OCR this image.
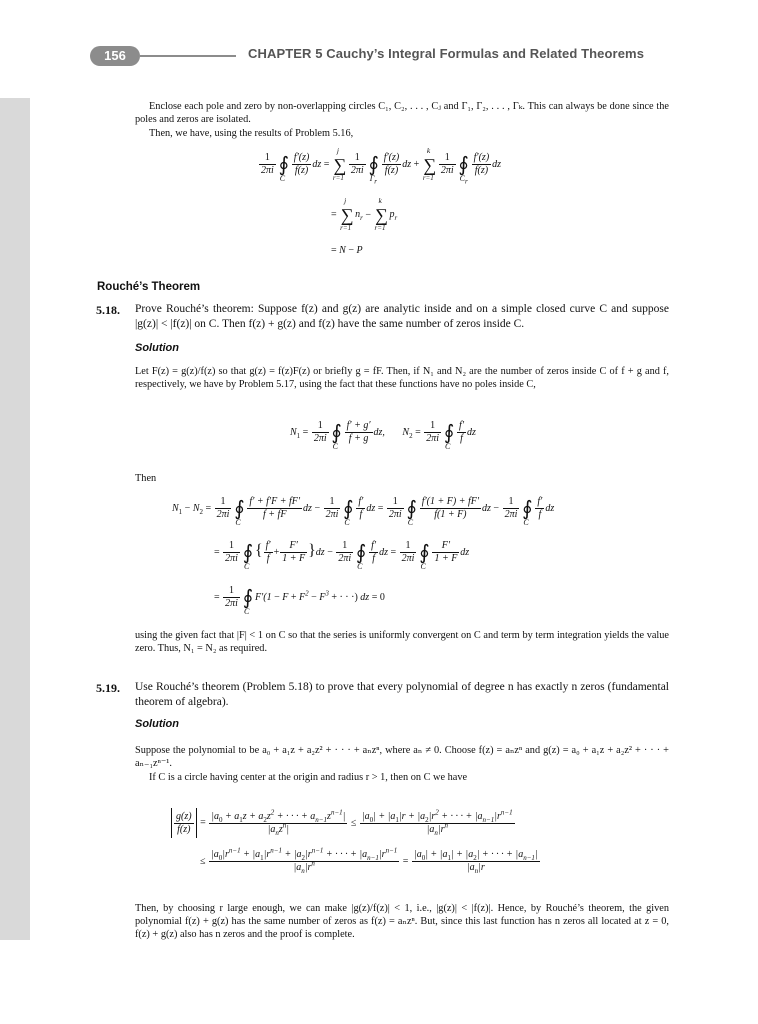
156	CHAPTER 5 Cauchy’s Integral Formulas and Related Theorems
Enclose each pole and zero by non-overlapping circles C₁, C₂, . . . , Cⱼ and Γ₁, Γ₂, . . . , Γₖ. This can always be done since the poles and zeros are isolated.
Then, we have, using the results of Problem 5.16,
$\frac{1}{2\pi i}$ ∮
C
$\frac{f'(z)}{f(z)}$ dz = ∑
j
r=1
$\frac{1}{2\pi i}$ ∮
$\Gamma_r$
$\frac{f'(z)}{f(z)}$ dz + ∑
k
r=1
$\frac{1}{2\pi i}$ ∮
$C_r$
$\frac{f'(z)}{f(z)}$ dz
= ∑
j
r=1
$n_r$ − ∑
k
r=1
$p_r$
= N − P
Rouché’s Theorem
5.18. Prove Rouché’s theorem: Suppose f(z) and g(z) are analytic inside and on a simple closed curve C and suppose |g(z)| < |f(z)| on C. Then f(z) + g(z) and f(z) have the same number of zeros inside C.
Solution
Let F(z) = g(z)/f(z) so that g(z) = f(z)F(z) or briefly g = fF. Then, if N₁ and N₂ are the number of zeros inside C of f + g and f, respectively, we have by Problem 5.17, using the fact that these functions have no poles inside C,
$N_1 = \frac{1}{2\pi i}$ ∮
C
$\frac{f' + g'}{f + g}$ dz,       $N_2 = \frac{1}{2\pi i}$ ∮
C
$\frac{f'}{f}$ dz
Then
$N_1 - N_2 = \frac{1}{2\pi i}$ ∮
C
$\frac{f' + f'F + fF'}{f + fF}$ dz − $\frac{1}{2\pi i}$ ∮
C
$\frac{f'}{f}$ dz = $\frac{1}{2\pi i}$ ∮
C
$\frac{f'(1 + F) + fF'}{f(1 + F)}$ dz − $\frac{1}{2\pi i}$ ∮
C
$\frac{f'}{f}$ dz
= $\frac{1}{2\pi i}$ ∮
C
{ $\frac{f'}{f} + \frac{F'}{1 + F} \}dz - \frac{1}{2\pi i}$ ∮
C
$\frac{f'}{f}$ dz = $\frac{1}{2\pi i}$ ∮
C
$\frac{F'}{1 + F}$ dz
= $\frac{1}{2\pi i}$ ∮
C
$F'(1 - F + F^2 - F^3$ + · · ·) dz = 0
using the given fact that |F| < 1 on C so that the series is uniformly convergent on C and term by term integration yields the value zero. Thus, N₁ = N₂ as required.
5.19. Use Rouché’s theorem (Problem 5.18) to prove that every polynomial of degree n has exactly n zeros (fundamental theorem of algebra).
Solution
Suppose the polynomial to be a₀ + a₁z + a₂z² + · · · + aₙzⁿ, where aₙ ≠ 0. Choose f(z) = aₙzⁿ and g(z) = a₀ + a₁z + a₂z² + · · · + aₙ₋₁zⁿ⁻¹.
If C is a circle having center at the origin and radius r > 1, then on C we have
$\frac{g(z)}{f(z)} = \frac{|a_0 + a_1z + a_2z^2 + \cdot \cdot \cdot + a_{n-1}z^{n-1}|}{|a_nz^n|} \le \frac{|a_0| + |a_1|r + |a_2|r^2 + \cdot \cdot \cdot + |a_{n-1}|r^{n-1}}{|a_n|r^n}$
≤ $\frac{|a_0|r^{n-1} + |a_1|r^{n-1} + |a_2|r^{n-1} + \cdot \cdot \cdot + |a_{n-1}|r^{n-1}}{|a_n|r^n} = \frac{|a_0| + |a_1| + |a_2| + \cdot \cdot \cdot + |a_{n-1}|}{|a_n|r}$
Then, by choosing r large enough, we can make |g(z)/f(z)| < 1, i.e., |g(z)| < |f(z)|. Hence, by Rouché’s theorem, the given polynomial f(z) + g(z) has the same number of zeros as f(z) = aₙzⁿ. But, since this last function has n zeros all located at z = 0, f(z) + g(z) also has n zeros and the proof is complete.
